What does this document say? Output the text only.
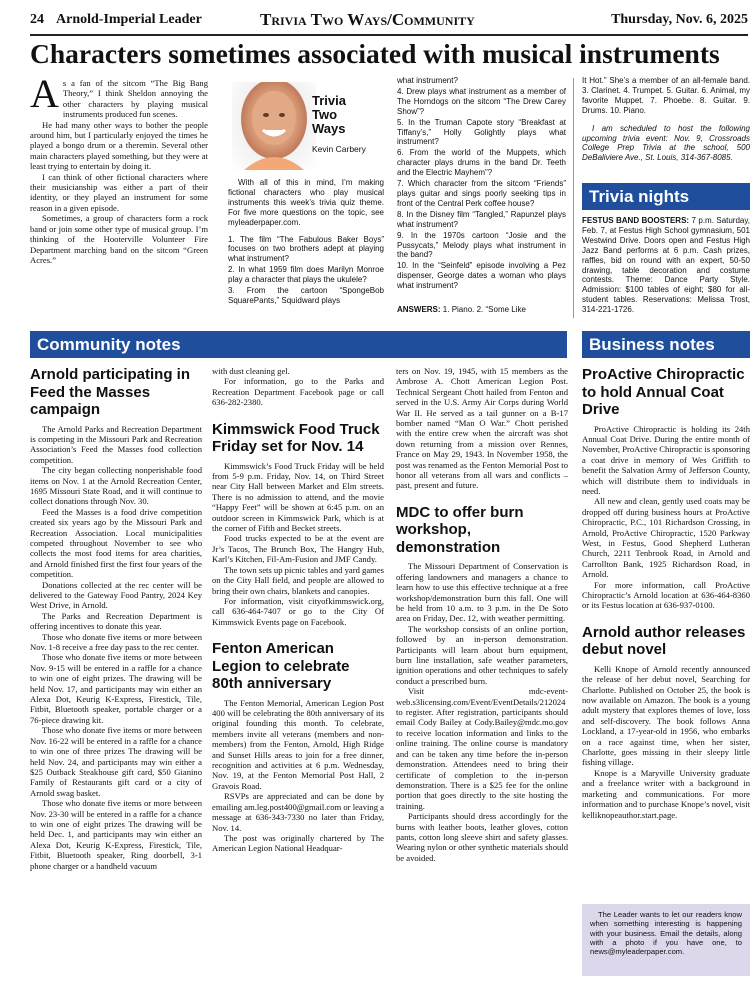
24 Arnold-Imperial Leader	Trivia Two Ways/Community	Thursday, Nov. 6, 2025
Characters sometimes associated with musical instruments

As a fan of the sitcom “The Big Bang Theory,” I think Sheldon annoying the other characters by playing musical instruments produced fun scenes.

He had many other ways to bother the people around him, but I particularly enjoyed the times he played a bongo drum or a theremin. Several other main characters played something, but they were at least trying to entertain by doing it.

I can think of other fictional characters where their musicianship was either a part of their identity, or they played an instrument for some reason in a given episode.

Sometimes, a group of characters form a rock band or join some other type of musical group. I’m thinking of the Hooterville Volunteer Fire Department marching band on the sitcom “Green Acres.”

Trivia
Two
Ways
Kevin Carbery

With all of this in mind, I’m making fictional characters who play musical instruments this week’s trivia quiz theme. For five more questions on the topic, see myleaderpaper.com.

1. The film “The Fabulous Baker Boys” focuses on two brothers adept at playing what instrument?

2. In what 1959 film does Marilyn Monroe play a character that plays the ukulele?

3. From the cartoon “SpongeBob SquarePants,” Squidward plays

what instrument?

4. Drew plays what instrument as a member of The Horndogs on the sitcom “The Drew Carey Show”?

5. In the Truman Capote story “Breakfast at Tiffany’s,” Holly Golightly plays what instrument?

6. From the world of the Muppets, which character plays drums in the band Dr. Teeth and the Electric Mayhem”?

7. Which character from the sitcom “Friends” plays guitar and sings poorly seeking tips in front of the Central Perk coffee house?

8. In the Disney film “Tangled,” Rapunzel plays what instrument?

9. In the 1970s cartoon “Josie and the Pussycats,” Melody plays what instrument in the band?

10. In the “Seinfeld” episode involving a Pez dispenser, George dates a woman who plays what instrument?

ANSWERS: 1. Piano. 2. “Some Like

It Hot.” She’s a member of an all-female band. 3. Clarinet. 4. Trumpet. 5. Guitar. 6. Animal, my favorite Muppet. 7. Phoebe. 8. Guitar. 9. Drums. 10. Piano.

I am scheduled to host the following upcoming trivia event: Nov. 9, Crossroads College Prep Trivia at the school, 500 DeBaliviere Ave., St. Louis, 314-367-8085.

Trivia nights

FESTUS BAND BOOSTERS: 7 p.m. Saturday, Feb. 7, at Festus High School gymnasium, 501 Westwind Drive. Doors open and Festus High Jazz Band performs at 6 p.m. Cash prizes, raffles, bid on round with an expert, 50-50 drawing, table decoration and costume contests. Theme: Dance Party Style. Admission: $100 tables of eight; $80 for all-student tables. Reservations: Melissa Trost, 314-221-1726.

Community notes	Business notes
Arnold participating in Feed the Masses campaign

The Arnold Parks and Recreation Department is competing in the Missouri Park and Recreation Association’s Feed the Masses food collection competition.

The city began collecting nonperishable food items on Nov. 1 at the Arnold Recreation Center, 1695 Missouri State Road, and it will continue to collect donations through Nov. 30.

Feed the Masses is a food drive competition created six years ago by the Missouri Park and Recreation Association. Local municipalities competed throughout November to see who collects the most food items for area charities, and Arnold finished first the first four years of the competition.

Donations collected at the rec center will be delivered to the Gateway Food Pantry, 2024 Key West Drive, in Arnold.

The Parks and Recreation Department is offering incentives to donate this year.

Those who donate five items or more between Nov. 1-8 receive a free day pass to the rec center.

Those who donate five items or more between Nov. 9-15 will be entered in a raffle for a chance to win one of eight prizes. The drawing will be held Nov. 17, and participants may win either an Alexa Dot, Keurig K-Express, Firestick, Tile, Fitbit, Bluetooth speaker, portable charger or a 76-piece drawing kit.

Those who donate five items or more between Nov. 16-22 will be entered in a raffle for a chance to win one of three prizes The drawing will be held Nov. 24, and participants may win either a $25 Outback Steakhouse gift card, $50 Gianino Family of Restaurants gift card or a city of Arnold swag basket.

Those who donate five items or more between Nov. 23-30 will be entered in a raffle for a chance to win one of eight prizes The drawing will be held Dec. 1, and participants may win either an Alexa Dot, Keurig K-Express, Firestick, Tile, Fitbit, Bluetooth speaker, Ring doorbell, 3-1 phone charger or a handheld vacuum

with dust cleaning gel.

For information, go to the Parks and Recreation Department Facebook page or call 636-282-2380.

Kimmswick Food Truck Friday set for Nov. 14

Kimmswick’s Food Truck Friday will be held from 5-9 p.m. Friday, Nov. 14, on Third Street near City Hall between Market and Elm streets. There is no admission to attend, and the movie “Happy Feet” will be shown at 6:45 p.m. on an outdoor screen in Kimmswick Park, which is at the corner of Fifth and Becket streets.

Food trucks expected to be at the event are Jr’s Tacos, The Brunch Box, The Hangry Hub, Karl’s Kitchen, Fil-Am-Fusion and JMF Candy.

The town sets up picnic tables and yard games on the City Hall field, and people are allowed to bring their own chairs, blankets and canopies.

For information, visit cityofkimmswick.org, call 636-464-7407 or go to the City Of Kimmswick Events page on Facebook.

Fenton American Legion to celebrate 80th anniversary

The Fenton Memorial, American Legion Post 400 will be celebrating the 80th anniversary of its original founding this month. To celebrate, members invite all veterans (members and non-members) from the Fenton, Arnold, High Ridge and Sunset Hills areas to join for a free dinner, recognition and activities at 6 p.m. Wednesday, Nov. 19, at the Fenton Memorial Post Hall, 2 Gravois Road.

RSVPs are appreciated and can be done by emailing am.leg.post400@gmail.com or leaving a message at 636-343-7330 no later than Friday, Nov. 14.

The post was originally chartered by The American Legion National Headquar-

ters on Nov. 19, 1945, with 15 members as the Ambrose A. Chott American Legion Post. Technical Sergeant Chott hailed from Fenton and served in the U.S. Army Air Corps during World War II. He served as a tail gunner on a B-17 bomber named “Man O War.” Chott perished with the entire crew when the aircraft was shot down returning from a mission over Rennes, France on May 29, 1943. In November 1958, the post was renamed as the Fenton Memorial Post to honor all veterans from all wars and conflicts – past, present and future.

MDC to offer burn workshop, demonstration

The Missouri Department of Conservation is offering landowners and managers a chance to learn how to use this effective technique at a free workshop/demonstration burn this fall. One will be held from 10 a.m. to 3 p.m. in the De Soto area on Friday, Dec. 12, with weather permitting.

The workshop consists of an online portion, followed by an in-person demonstration. Participants will learn about burn equipment, burn line installation, safe weather parameters, ignition operations and other techniques to safely conduct a prescribed burn.

Visit mdc-event-web.s3licensing.com/Event/EventDetails/212024 to register. After registration, participants should email Cody Bailey at Cody.Bailey@mdc.mo.gov to receive location information and links to the online training. The online course is mandatory and can be taken any time before the in-person demonstration. Attendees need to bring their certificate of completion to the in-person demonstration. There is a $25 fee for the online portion that goes directly to the site hosting the training.

Participants should dress accordingly for the burns with leather boots, leather gloves, cotton pants, cotton long sleeve shirt and safety glasses. Wearing nylon or other synthetic materials should be avoided.

ProActive Chiropractic to hold Annual Coat Drive

ProActive Chiropractic is holding its 24th Annual Coat Drive. During the entire month of November, ProActive Chiropractic is sponsoring a coat drive in memory of Wes Griffith to benefit the Salvation Army of Jefferson County, which will distribute them to individuals in need.

All new and clean, gently used coats may be dropped off during business hours at ProActive Chiropractic, P.C., 101 Richardson Crossing, in Arnold, ProActive Chiropractic, 1520 Parkway West, in Festus, Good Shepherd Lutheran Church, 2211 Tenbrook Road, in Arnold and Carrollton Bank, 1925 Richardson Road, in Arnold.

For more information, call ProActive Chiropractic’s Arnold location at 636-464-8360 or its Festus location at 636-937-0100.

Arnold author releases debut novel

Kelli Knope of Arnold recently announced the release of her debut novel, Searching for Charlotte. Published on October 25, the book is now available on Amazon. The book is a young adult mystery that explores themes of love, loss and self-discovery. The book follows Anna Lockland, a 17-year-old in 1956, who embarks on a race against time, when her sister, Charlotte, goes missing in their sleepy little fishing village.

Knope is a Maryville University graduate and a freelance writer with a background in marketing and communications. For more information and to purchase Knope’s novel, visit kelliknopeauthor.start.page.

The Leader wants to let our readers know when something interesting is happening with your business. Email the details, along with a photo if you have one, to news@myleaderpaper.com.
